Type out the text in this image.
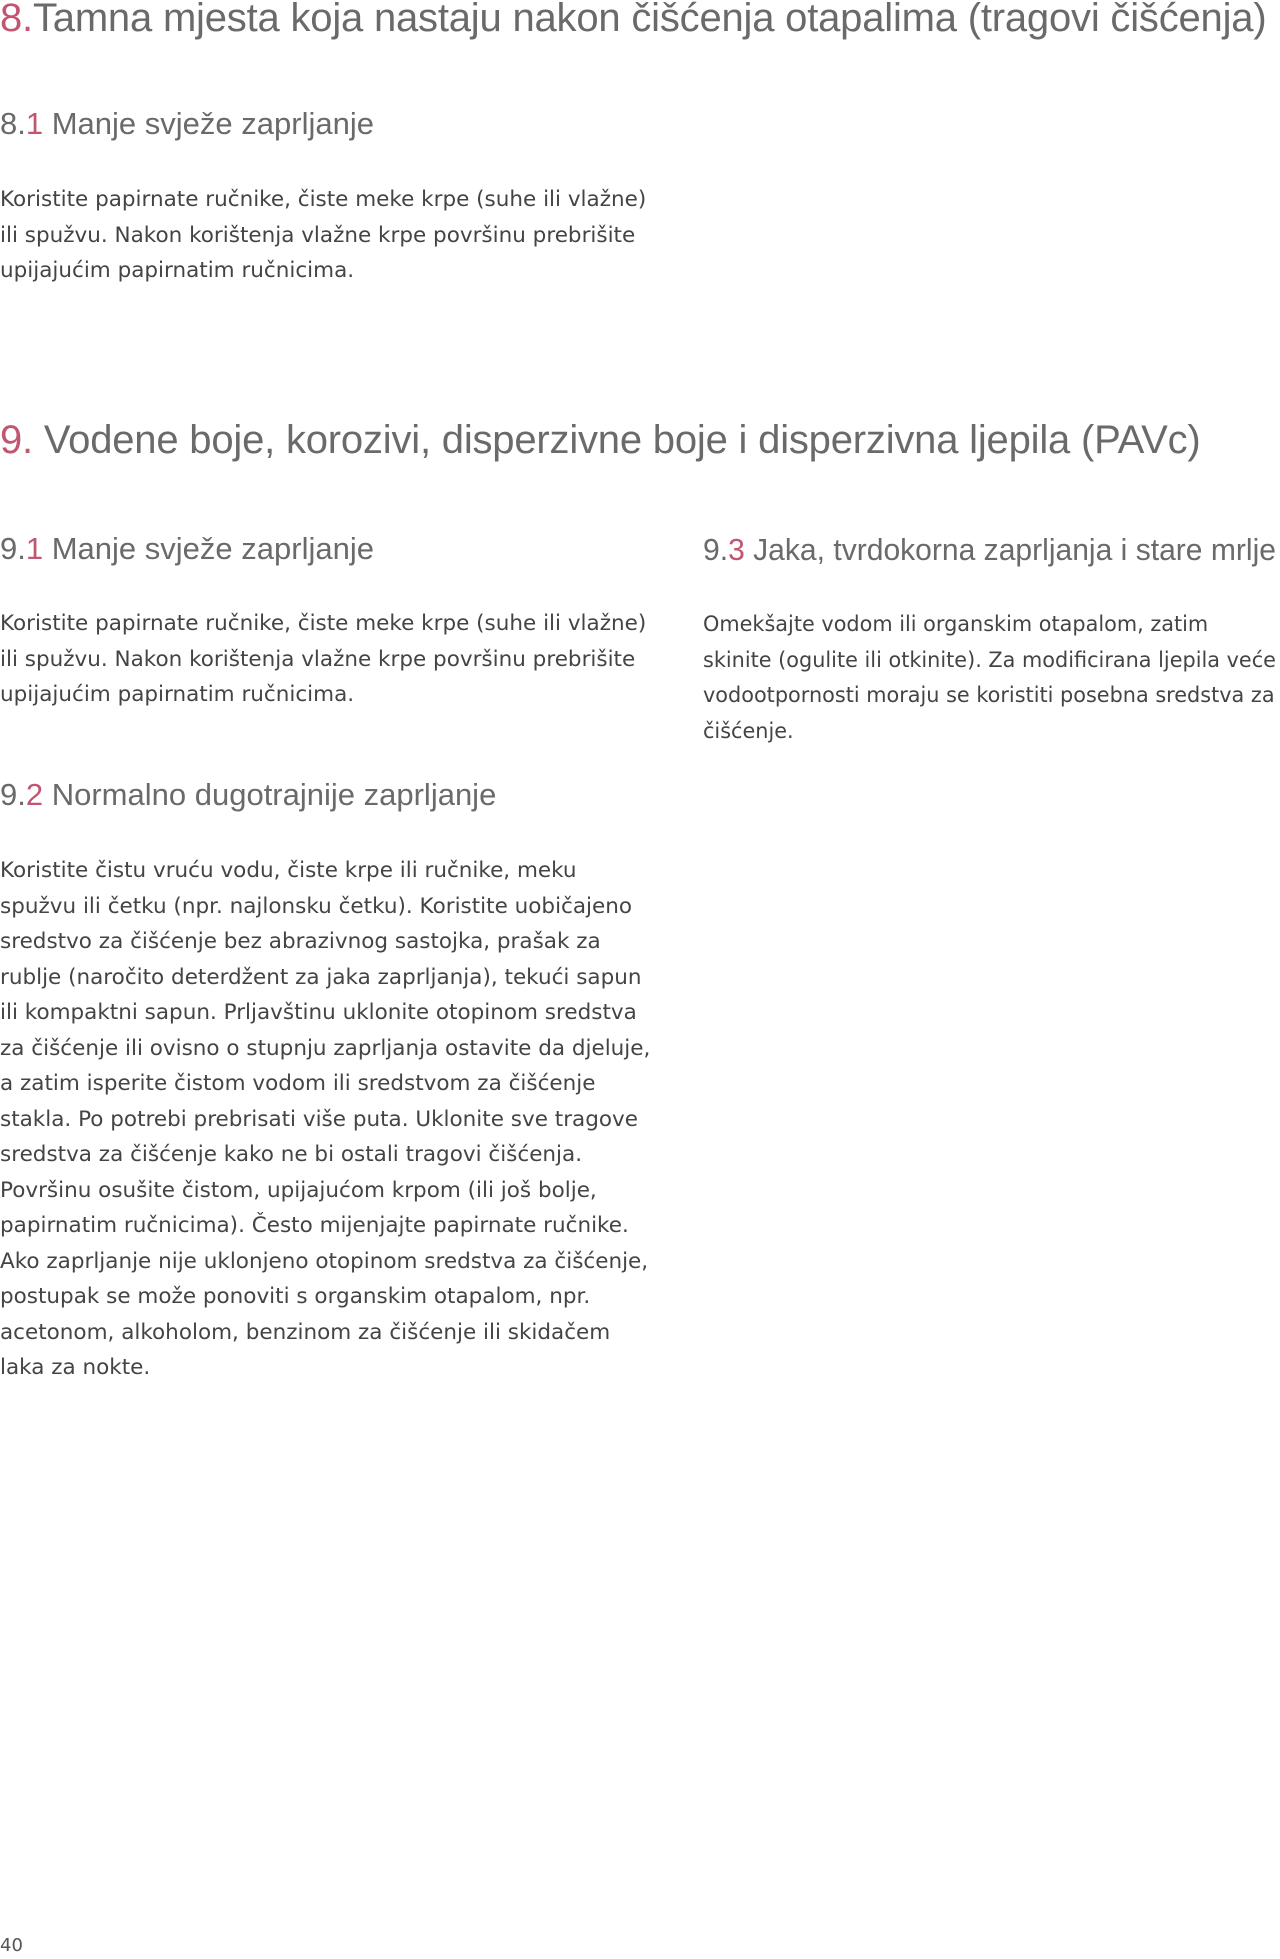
8.Tamna mjesta koja nastaju nakon čišćenja otapalima (tragovi čišćenja)
8.1 Manje svježe zaprljanje

Koristite papirnate ručnike, čiste meke krpe (suhe ili vlažne)

ili spužvu. Nakon korištenja vlažne krpe površinu prebrišite

upijajućim papirnatim ručnicima.

9. Vodene boje, korozivi, disperzivne boje i disperzivna ljepila (PAVc)
9.1 Manje svježe zaprljanje

Koristite papirnate ručnike, čiste meke krpe (suhe ili vlažne)

ili spužvu. Nakon korištenja vlažne krpe površinu prebrišite

upijajućim papirnatim ručnicima.

9.2 Normalno dugotrajnije zaprljanje

Koristite čistu vruću vodu, čiste krpe ili ručnike, meku

spužvu ili četku (npr. najlonsku četku). Koristite uobičajeno

sredstvo za čišćenje bez abrazivnog sastojka, prašak za

rublje (naročito deterdžent za jaka zaprljanja), tekući sapun

ili kompaktni sapun. Prljavštinu uklonite otopinom sredstva

za čišćenje ili ovisno o stupnju zaprljanja ostavite da djeluje,

a zatim isperite čistom vodom ili sredstvom za čišćenje

stakla. Po potrebi prebrisati više puta. Uklonite sve tragove

sredstva za čišćenje kako ne bi ostali tragovi čišćenja.

Površinu osušite čistom, upijajućom krpom (ili još bolje,

papirnatim ručnicima). Često mijenjajte papirnate ručnike.

Ako zaprljanje nije uklonjeno otopinom sredstva za čišćenje,

postupak se može ponoviti s organskim otapalom, npr.

acetonom, alkoholom, benzinom za čišćenje ili skidačem

laka za nokte.

9.3 Jaka, tvrdokorna zaprljanja i stare mrlje

Omekšajte vodom ili organskim otapalom, zatim

skinite (ogulite ili otkinite). Za modificirana ljepila veće

vodootpornosti moraju se koristiti posebna sredstva za

čišćenje.

40
